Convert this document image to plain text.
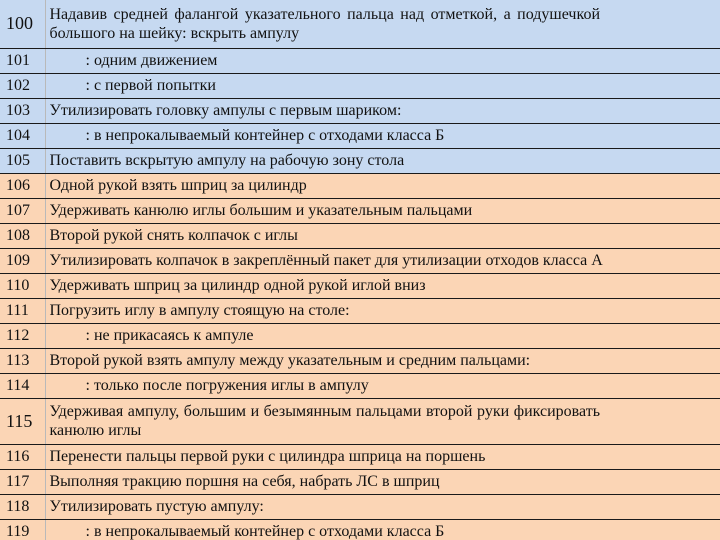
100	Надавив средней фалангой указательного пальца над отметкой, а подушечкой большого на шейку: вскрыть ампулу
101	: одним движением
102	: с первой попытки
103	Утилизировать головку ампулы с первым шариком:
104	: в непрокалываемый контейнер с отходами класса Б
105	Поставить вскрытую ампулу на рабочую зону стола
106	Одной рукой взять шприц за цилиндр
107	Удерживать канюлю иглы большим и указательным пальцами
108	Второй рукой снять колпачок с иглы
109	Утилизировать колпачок в закреплённый пакет для утилизации отходов класса А
110	Удерживать шприц за цилиндр одной рукой иглой вниз
111	Погрузить иглу в ампулу стоящую на столе:
112	: не прикасаясь к ампуле
113	Второй рукой взять ампулу между указательным и средним пальцами:
114	: только после погружения иглы в ампулу
115	Удерживая ампулу, большим и безымянным пальцами второй руки фиксировать канюлю иглы
116	Перенести пальцы первой руки с цилиндра шприца на поршень
117	Выполняя тракцию поршня на себя, набрать ЛС в шприц
118	Утилизировать пустую ампулу:
119	: в непрокалываемый контейнер с отходами класса Б
